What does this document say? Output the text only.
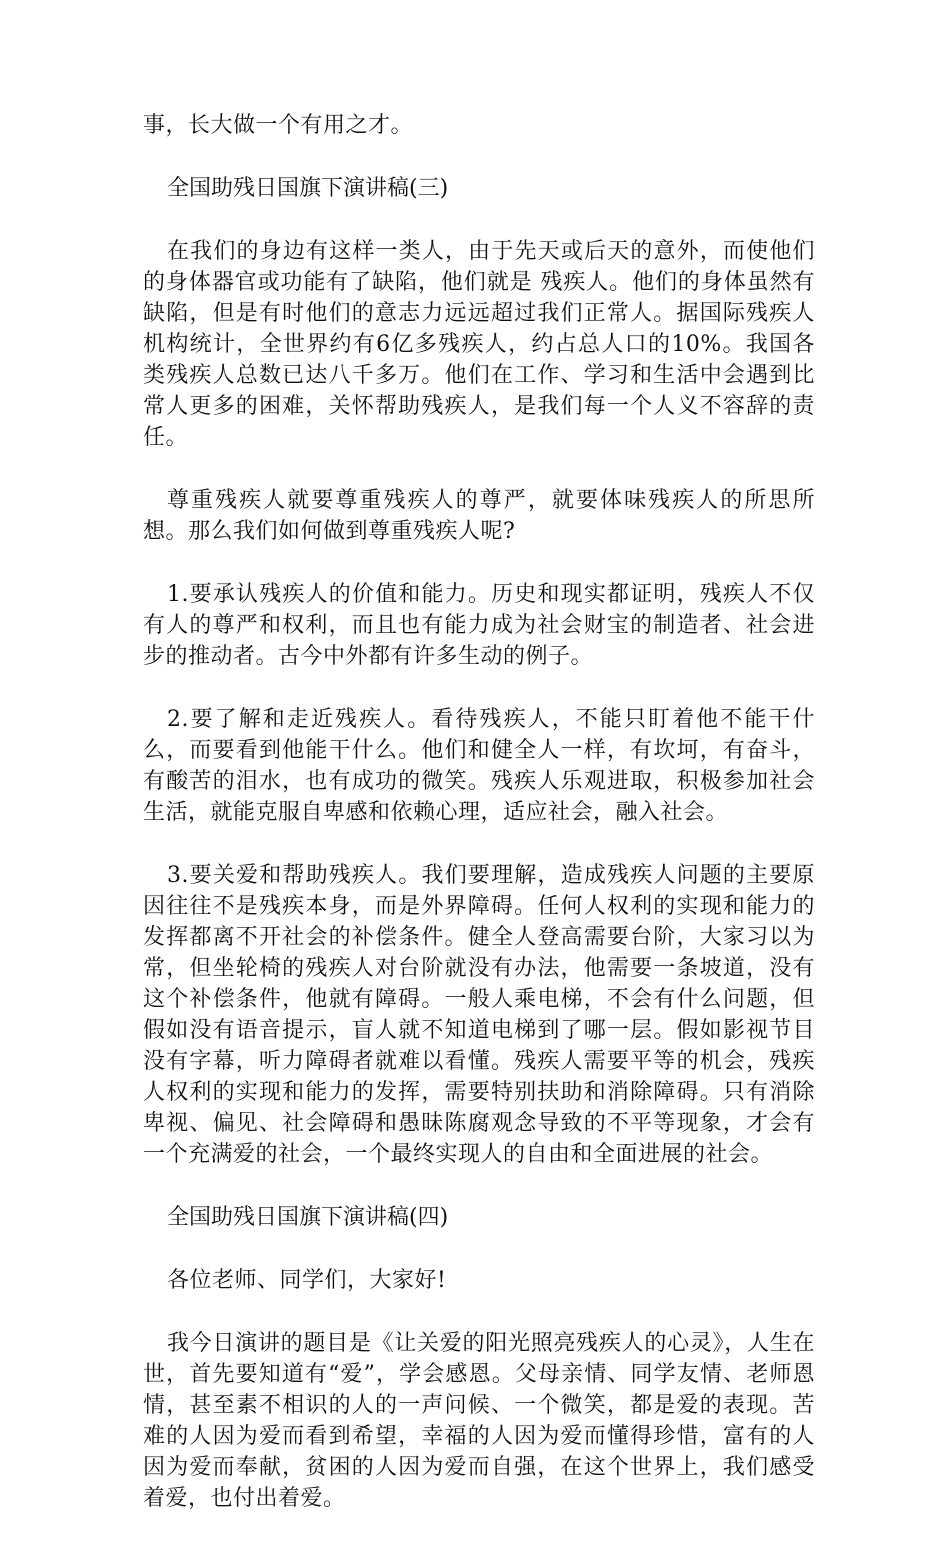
事，长大做一个有用之才。

全国助残日国旗下演讲稿(三)

在我们的身边有这样一类人，由于先天或后天的意外，而使他们的身体器官或功能有了缺陷，他们就是 残疾人。他们的身体虽然有缺陷，但是有时他们的意志力远远超过我们正常人。据国际残疾人机构统计，全世界约有6亿多残疾人，约占总人口的10%。我国各类残疾人总数已达八千多万。他们在工作、学习和生活中会遇到比常人更多的困难，关怀帮助残疾人，是我们每一个人义不容辞的责任。

尊重残疾人就要尊重残疾人的尊严，就要体味残疾人的所思所想。那么我们如何做到尊重残疾人呢?

1.要承认残疾人的价值和能力。历史和现实都证明，残疾人不仅有人的尊严和权利，而且也有能力成为社会财宝的制造者、社会进步的推动者。古今中外都有许多生动的例子。

2.要了解和走近残疾人。看待残疾人，不能只盯着他不能干什么，而要看到他能干什么。他们和健全人一样，有坎坷，有奋斗，有酸苦的泪水，也有成功的微笑。残疾人乐观进取，积极参加社会生活，就能克服自卑感和依赖心理，适应社会，融入社会。

3.要关爱和帮助残疾人。我们要理解，造成残疾人问题的主要原因往往不是残疾本身，而是外界障碍。任何人权利的实现和能力的发挥都离不开社会的补偿条件。健全人登高需要台阶，大家习以为常，但坐轮椅的残疾人对台阶就没有办法，他需要一条坡道，没有这个补偿条件，他就有障碍。一般人乘电梯，不会有什么问题，但假如没有语音提示，盲人就不知道电梯到了哪一层。假如影视节目没有字幕，听力障碍者就难以看懂。残疾人需要平等的机会，残疾人权利的实现和能力的发挥，需要特别扶助和消除障碍。只有消除卑视、偏见、社会障碍和愚昧陈腐观念导致的不平等现象，才会有一个充满爱的社会，一个最终实现人的自由和全面进展的社会。

全国助残日国旗下演讲稿(四)

各位老师、同学们，大家好!

我今日演讲的题目是《让关爱的阳光照亮残疾人的心灵》，人生在世，首先要知道有“爱”，学会感恩。父母亲情、同学友情、老师恩情，甚至素不相识的人的一声问候、一个微笑，都是爱的表现。苦难的人因为爱而看到希望，幸福的人因为爱而懂得珍惜，富有的人因为爱而奉献，贫困的人因为爱而自强，在这个世界上，我们感受着爱，也付出着爱。
